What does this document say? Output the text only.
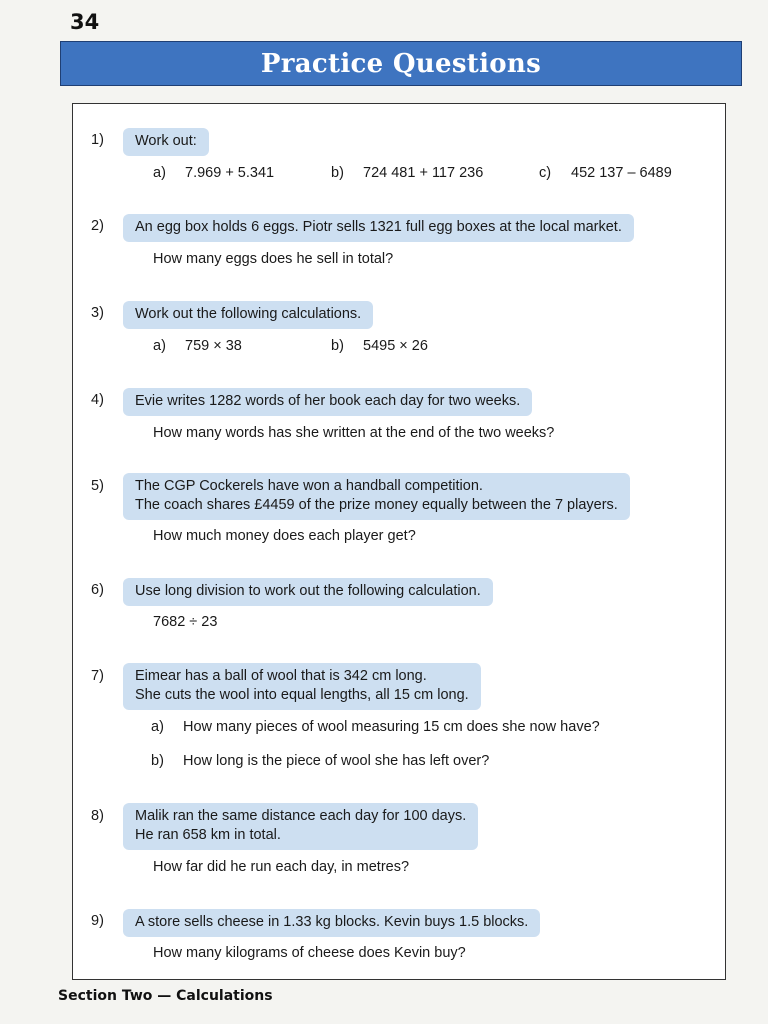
34
Practice Questions
1) Work out:
a) 7.969 + 5.341	b) 724 481 + 117 236	c) 452 137 – 6489
2) An egg box holds 6 eggs. Piotr sells 1321 full egg boxes at the local market.
How many eggs does he sell in total?
3) Work out the following calculations.
a) 759 × 38	b) 5495 × 26
4) Evie writes 1282 words of her book each day for two weeks.
How many words has she written at the end of the two weeks?
5) The CGP Cockerels have won a handball competition.
The coach shares £4459 of the prize money equally between the 7 players.
How much money does each player get?
6) Use long division to work out the following calculation.
7682 ÷ 23
7) Eimear has a ball of wool that is 342 cm long.
She cuts the wool into equal lengths, all 15 cm long.
a) How many pieces of wool measuring 15 cm does she now have?
b) How long is the piece of wool she has left over?
8) Malik ran the same distance each day for 100 days.
He ran 658 km in total.
How far did he run each day, in metres?
9) A store sells cheese in 1.33 kg blocks. Kevin buys 1.5 blocks.
How many kilograms of cheese does Kevin buy?
Section Two — Calculations
